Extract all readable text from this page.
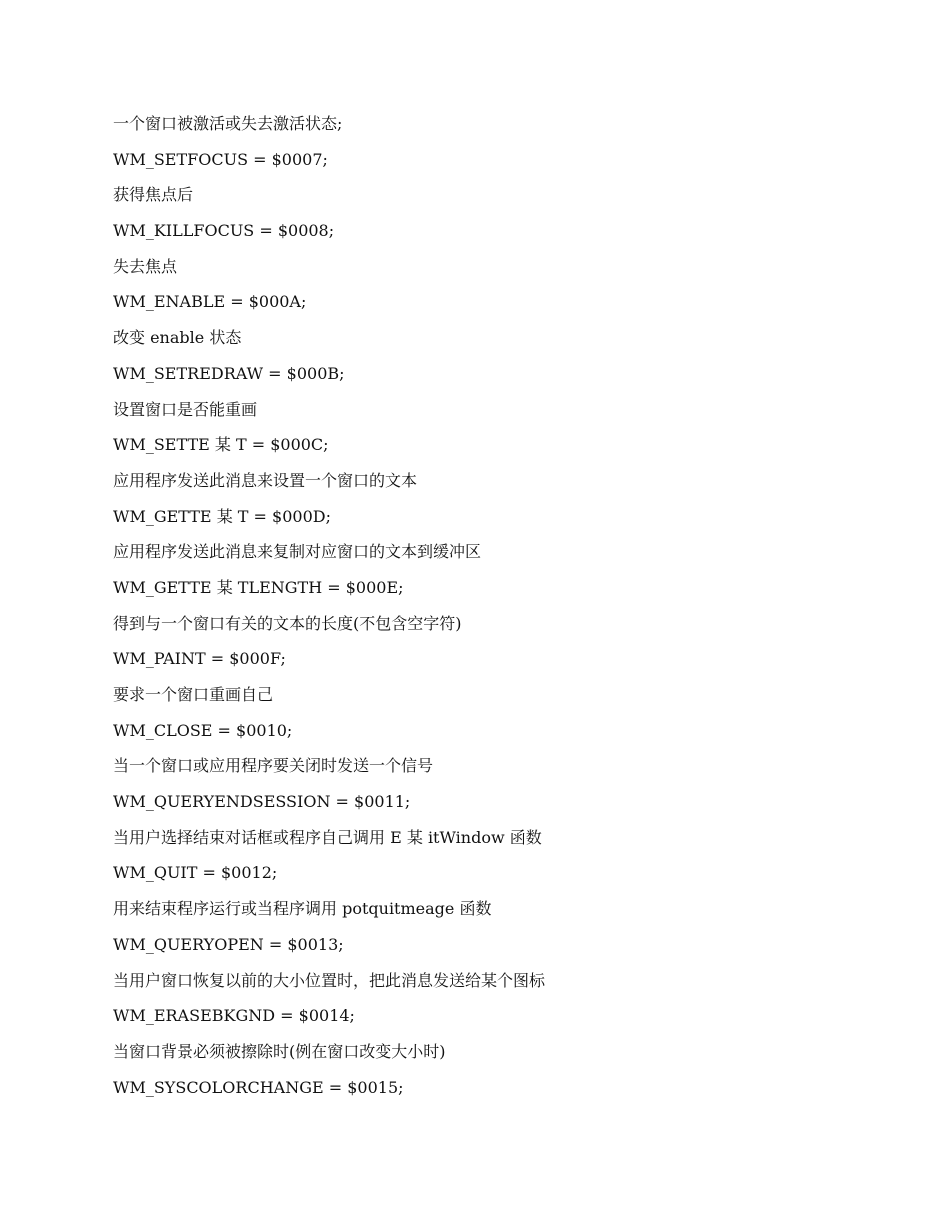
一个窗口被激活或失去激活状态;
WM_SETFOCUS = $0007;
获得焦点后
WM_KILLFOCUS = $0008;
失去焦点
WM_ENABLE = $000A;
改变 enable 状态
WM_SETREDRAW = $000B;
设置窗口是否能重画
WM_SETTE 某 T = $000C;
应用程序发送此消息来设置一个窗口的文本
WM_GETTE 某 T = $000D;
应用程序发送此消息来复制对应窗口的文本到缓冲区
WM_GETTE 某 TLENGTH = $000E;
得到与一个窗口有关的文本的长度(不包含空字符)
WM_PAINT = $000F;
要求一个窗口重画自己
WM_CLOSE = $0010;
当一个窗口或应用程序要关闭时发送一个信号
WM_QUERYENDSESSION = $0011;
当用户选择结束对话框或程序自己调用 E 某 itWindow 函数
WM_QUIT = $0012;
用来结束程序运行或当程序调用 potquitmeage 函数
WM_QUERYOPEN = $0013;
当用户窗口恢复以前的大小位置时，把此消息发送给某个图标
WM_ERASEBKGND = $0014;
当窗口背景必须被擦除时(例在窗口改变大小时)
WM_SYSCOLORCHANGE = $0015;
